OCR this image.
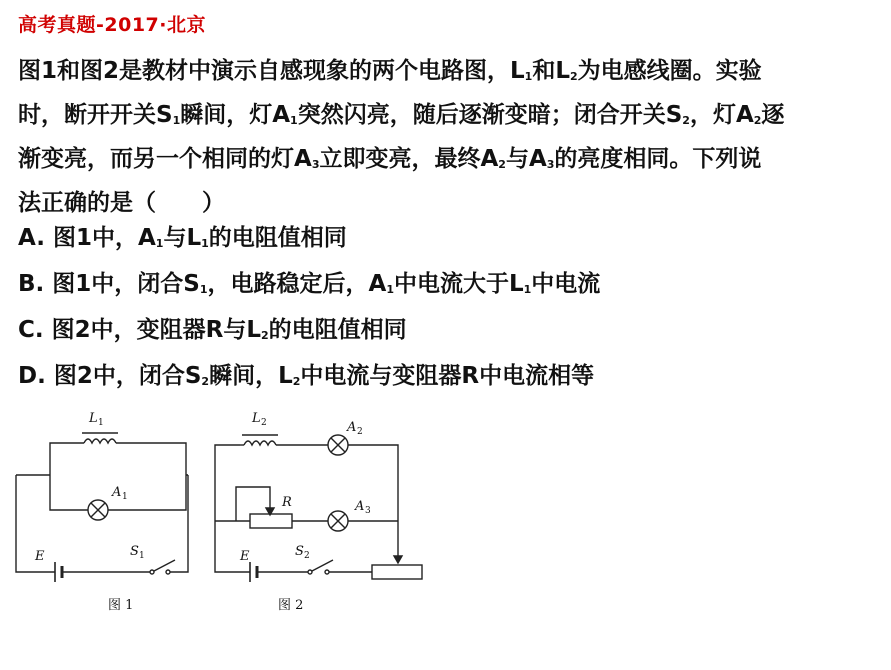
高考真题-2017·北京
图1和图2是教材中演示自感现象的两个电路图，$L_1$和$L_2$为电感线圈。实验
时，断开开关$S_1$瞬间，灯$A_1$突然闪亮，随后逐渐变暗；闭合开关$S_2$，灯$A_2$逐
渐变亮，而另一个相同的灯$A_3$立即变亮，最终$A_2$与$A_3$的亮度相同。下列说
法正确的是（　　）
A. 图1中，$A_1$与$L_1$的电阻值相同
B. 图1中，闭合$S_1$，电路稳定后，$A_1$中电流大于$L_1$中电流
C. 图2中，变阻器R与$L_2$的电阻值相同
D. 图2中，闭合$S_2$瞬间，$L_2$中电流与变阻器R中电流相等
L 1
A 1
E	S 1
图 1
L 2	A 2
R	A 3
E	S 2
图 2
